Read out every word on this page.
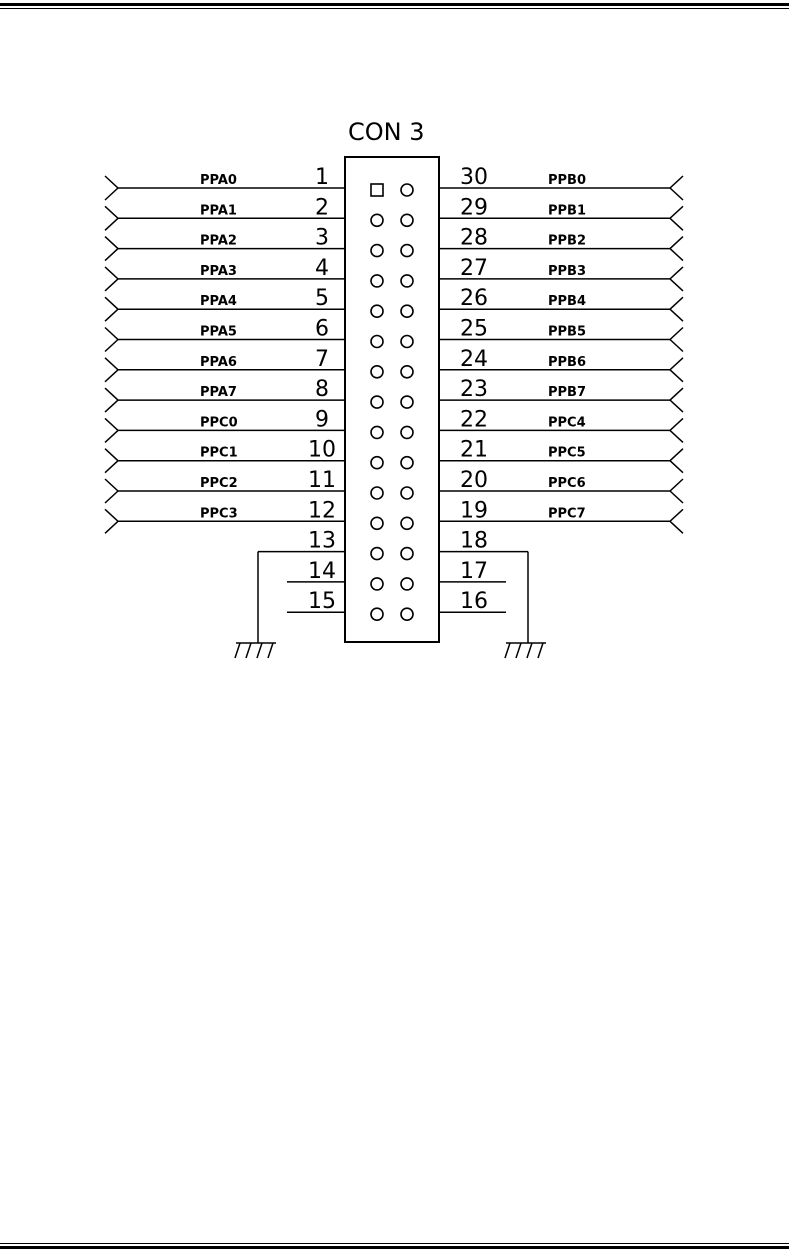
CON 3
1
PPA0
2
PPA1
3
PPA2
4
PPA3
5
PPA4
6
PPA5
7
PPA6
8
PPA7
9
PPC0
10
PPC1
11
PPC2
12
PPC3
13
14
15
30	PPB0
29	PPB1
28	PPB2
27	PPB3
26	PPB4
25	PPB5
24	PPB6
23	PPB7
22	PPC4
21	PPC5
20	PPC6
19	PPC7
18
17
16
